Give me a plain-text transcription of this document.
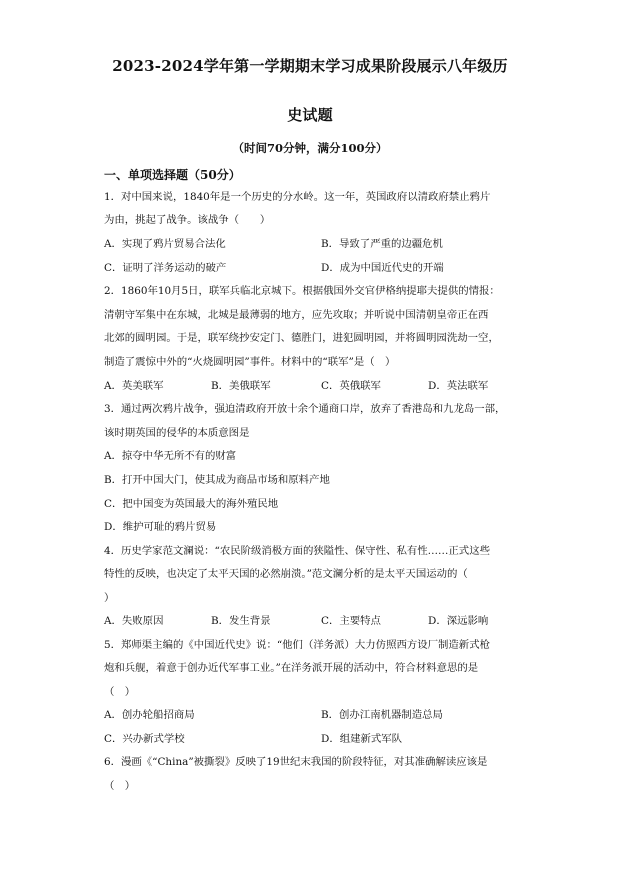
2023-2024学年第一学期期末学习成果阶段展示八年级历
史试题
（时间70分钟，满分100分）
一、单项选择题（50分）
1．对中国来说，1840年是一个历史的分水岭。这一年，英国政府以清政府禁止鸦片
为由，挑起了战争。该战争（　　）
A．实现了鸦片贸易合法化	B．导致了严重的边疆危机
C．证明了洋务运动的破产	D．成为中国近代史的开端
2．1860年10月5日，联军兵临北京城下。根据俄国外交官伊格纳提耶夫提供的情报：
清朝守军集中在东城，北城是最薄弱的地方，应先攻取；并听说中国清朝皇帝正在西
北郊的圆明园。于是，联军绕抄安定门、德胜门，进犯圆明园，并将圆明园洗劫一空，
制造了震惊中外的“火烧圆明园”事件。材料中的“联军”是（　）
A．英美联军	B．美俄联军	C．英俄联军	D．英法联军
3．通过两次鸦片战争，强迫清政府开放十余个通商口岸，放弃了香港岛和九龙岛一部，
该时期英国的侵华的本质意图是
A．掠夺中华无所不有的财富
B．打开中国大门，使其成为商品市场和原料产地
C．把中国变为英国最大的海外殖民地
D．维护可耻的鸦片贸易
4．历史学家范文澜说：“农民阶级消极方面的狭隘性、保守性、私有性……正式这些
特性的反映，也决定了太平天国的必然崩溃。”范文澜分析的是太平天国运动的（
）
A．失败原因	B．发生背景	C．主要特点	D．深远影响
5．郑师渠主编的《中国近代史》说：“他们（洋务派）大力仿照西方设厂制造新式枪
炮和兵舰，着意于创办近代军事工业。”在洋务派开展的活动中，符合材料意思的是
（　）
A．创办轮船招商局	B．创办江南机器制造总局
C．兴办新式学校	D．组建新式军队
6．漫画《“China”被撕裂》反映了19世纪末我国的阶段特征，对其准确解读应该是
（　）
